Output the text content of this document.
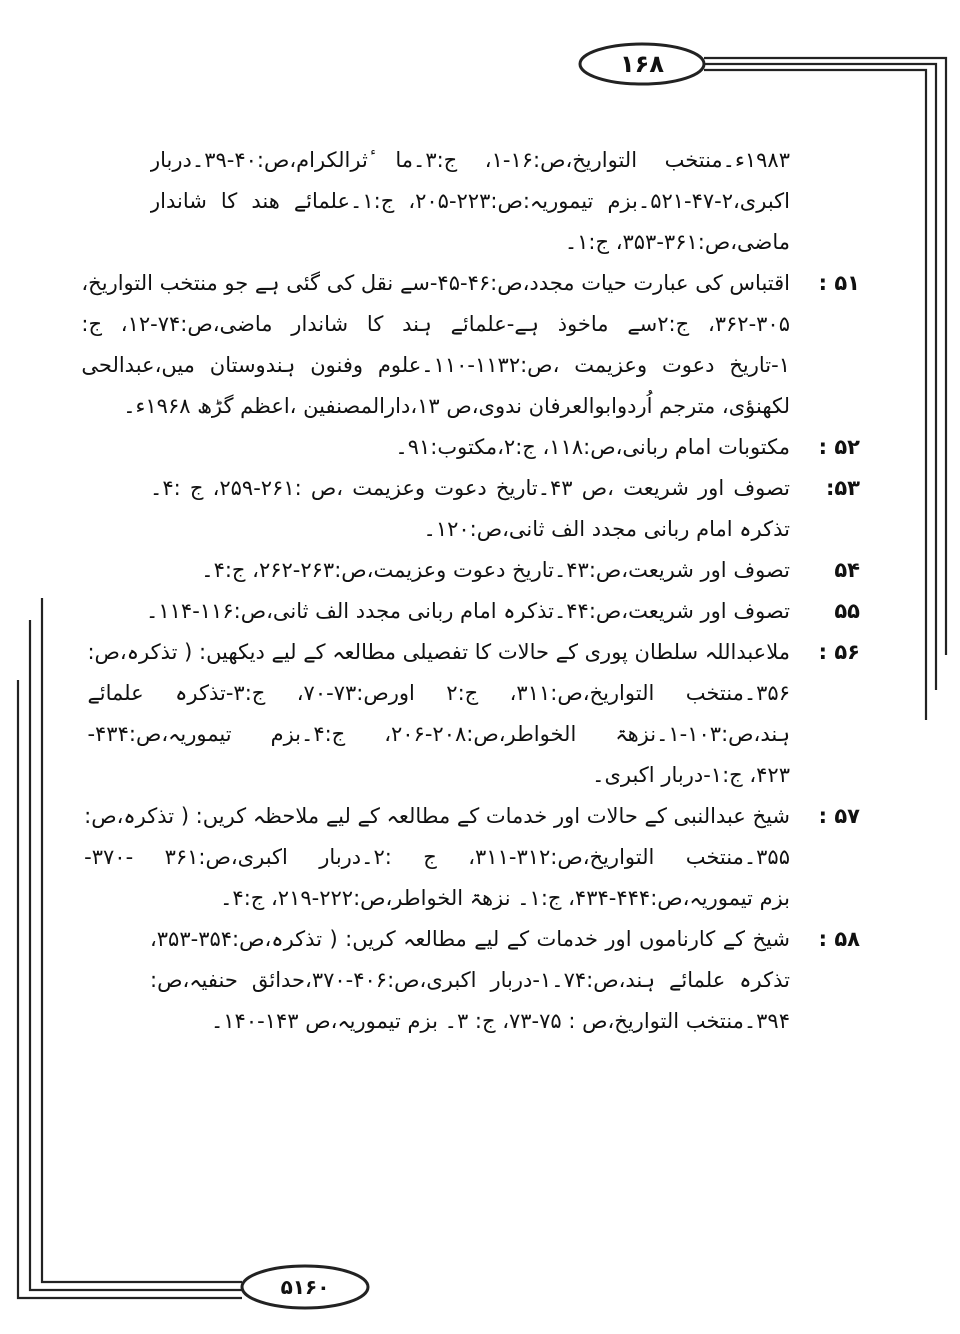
۱۶۸
۵۱۶۰
۱۹۸۳ء۔منتخب التواریخ،ص:۱۶-۱، ج:۳۔ما ٔثرالکرام،ص:۴۰-۳۹۔دربار
اکبری،۲-۴۷-۵۲۱۔بزم تیموریہ:ص:۲۲۳-۲۰۵، ج:۱۔علمائے ھند کا شاندار
ماضی،ص:۳۶۱-۳۵۳، ج:۱۔
۵۱ :
اقتباس کی عبارت حیات مجدد،ص:۴۶-۴۵-سے نقل کی گئی ہے جو منتخب التواریخ،
۳۶۲-۳۰۵، ج:۲سے ماخوذ ہے-علمائے ہند کا شاندار ماضی،ص:۷۴-۱۲، ج:
۱-تاریخ دعوت وعزیمت ،ص:۱۱۳۲-۱۱۰۔علوم وفنون ہندوستان میں،عبدالحی
لکھنؤی، مترجم اُردوابوالعرفان ندوی،ص ۱۳،دارالمصنفین ،اعظم گڑھ ۱۹۶۸ء۔
۵۲ :
مکتوبات امام ربانی،ص:۱۱۸، ج:۲،مکتوب:۹۱۔
۵۳:
تصوف اور شریعت ،ص ۴۳۔تاریخ دعوت وعزیمت ،ص :۲۶۱-۲۵۹، ج :۴۔
تذکرہ امام ربانی مجدد الف ثانی،ص:۱۲۰۔
۵۴
تصوف اور شریعت،ص:۴۳۔تاریخ دعوت وعزیمت،ص:۲۶۳-۲۶۲، ج:۴۔
۵۵
تصوف اور شریعت،ص:۴۴۔تذکرہ امام ربانی مجدد الف ثانی،ص:۱۱۶-۱۱۴۔
۵۶ :
ملاعبداللہ سلطان پوری کے حالات کا تفصیلی مطالعہ کے لیے دیکھیں: ( تذکرہ،ص:
۳۵۶۔منتخب التواریخ،ص:۳۱۱، ج:۲ اورص:۷۳-۷۰، ج:۳-تذکرہ علمائے
ہند،ص:۱۰۳-۱۔نزھۃ الخواطر،ص:۲۰۸-۲۰۶، ج:۴۔بزم تیموریہ،ص:۴۳۴-
۴۲۳، ج:۱-دربار اکبری۔
۵۷ :
شیخ عبدالنبی کے حالات اور خدمات کے مطالعہ کے لیے ملاحظہ کریں: ( تذکرہ،ص:
۳۵۵۔منتخب التواریخ،ص:۳۱۲-۳۱۱، ج :۲۔دربار اکبری،ص:۳۶۱ -۳۷۰-
بزم تیموریہ،ص:۴۴۴-۴۳۴، ج:۱۔ نزھۃ الخواطر،ص:۲۲۲-۲۱۹، ج:۴۔
۵۸ :
شیخ کے کارناموں اور خدمات کے لیے مطالعہ کریں: ( تذکرہ،ص:۳۵۴-۳۵۳،
تذکرہ علمائے ہند،ص:۷۴۔۱-دربار اکبری،ص:۴۰۶-۳۷۰،حدائق حنفیہ،ص:
۳۹۴۔منتخب التواریخ،ص : ۷۵-۷۳، ج: ۳۔ بزم تیموریہ،ص ۱۴۳-۱۴۰۔
